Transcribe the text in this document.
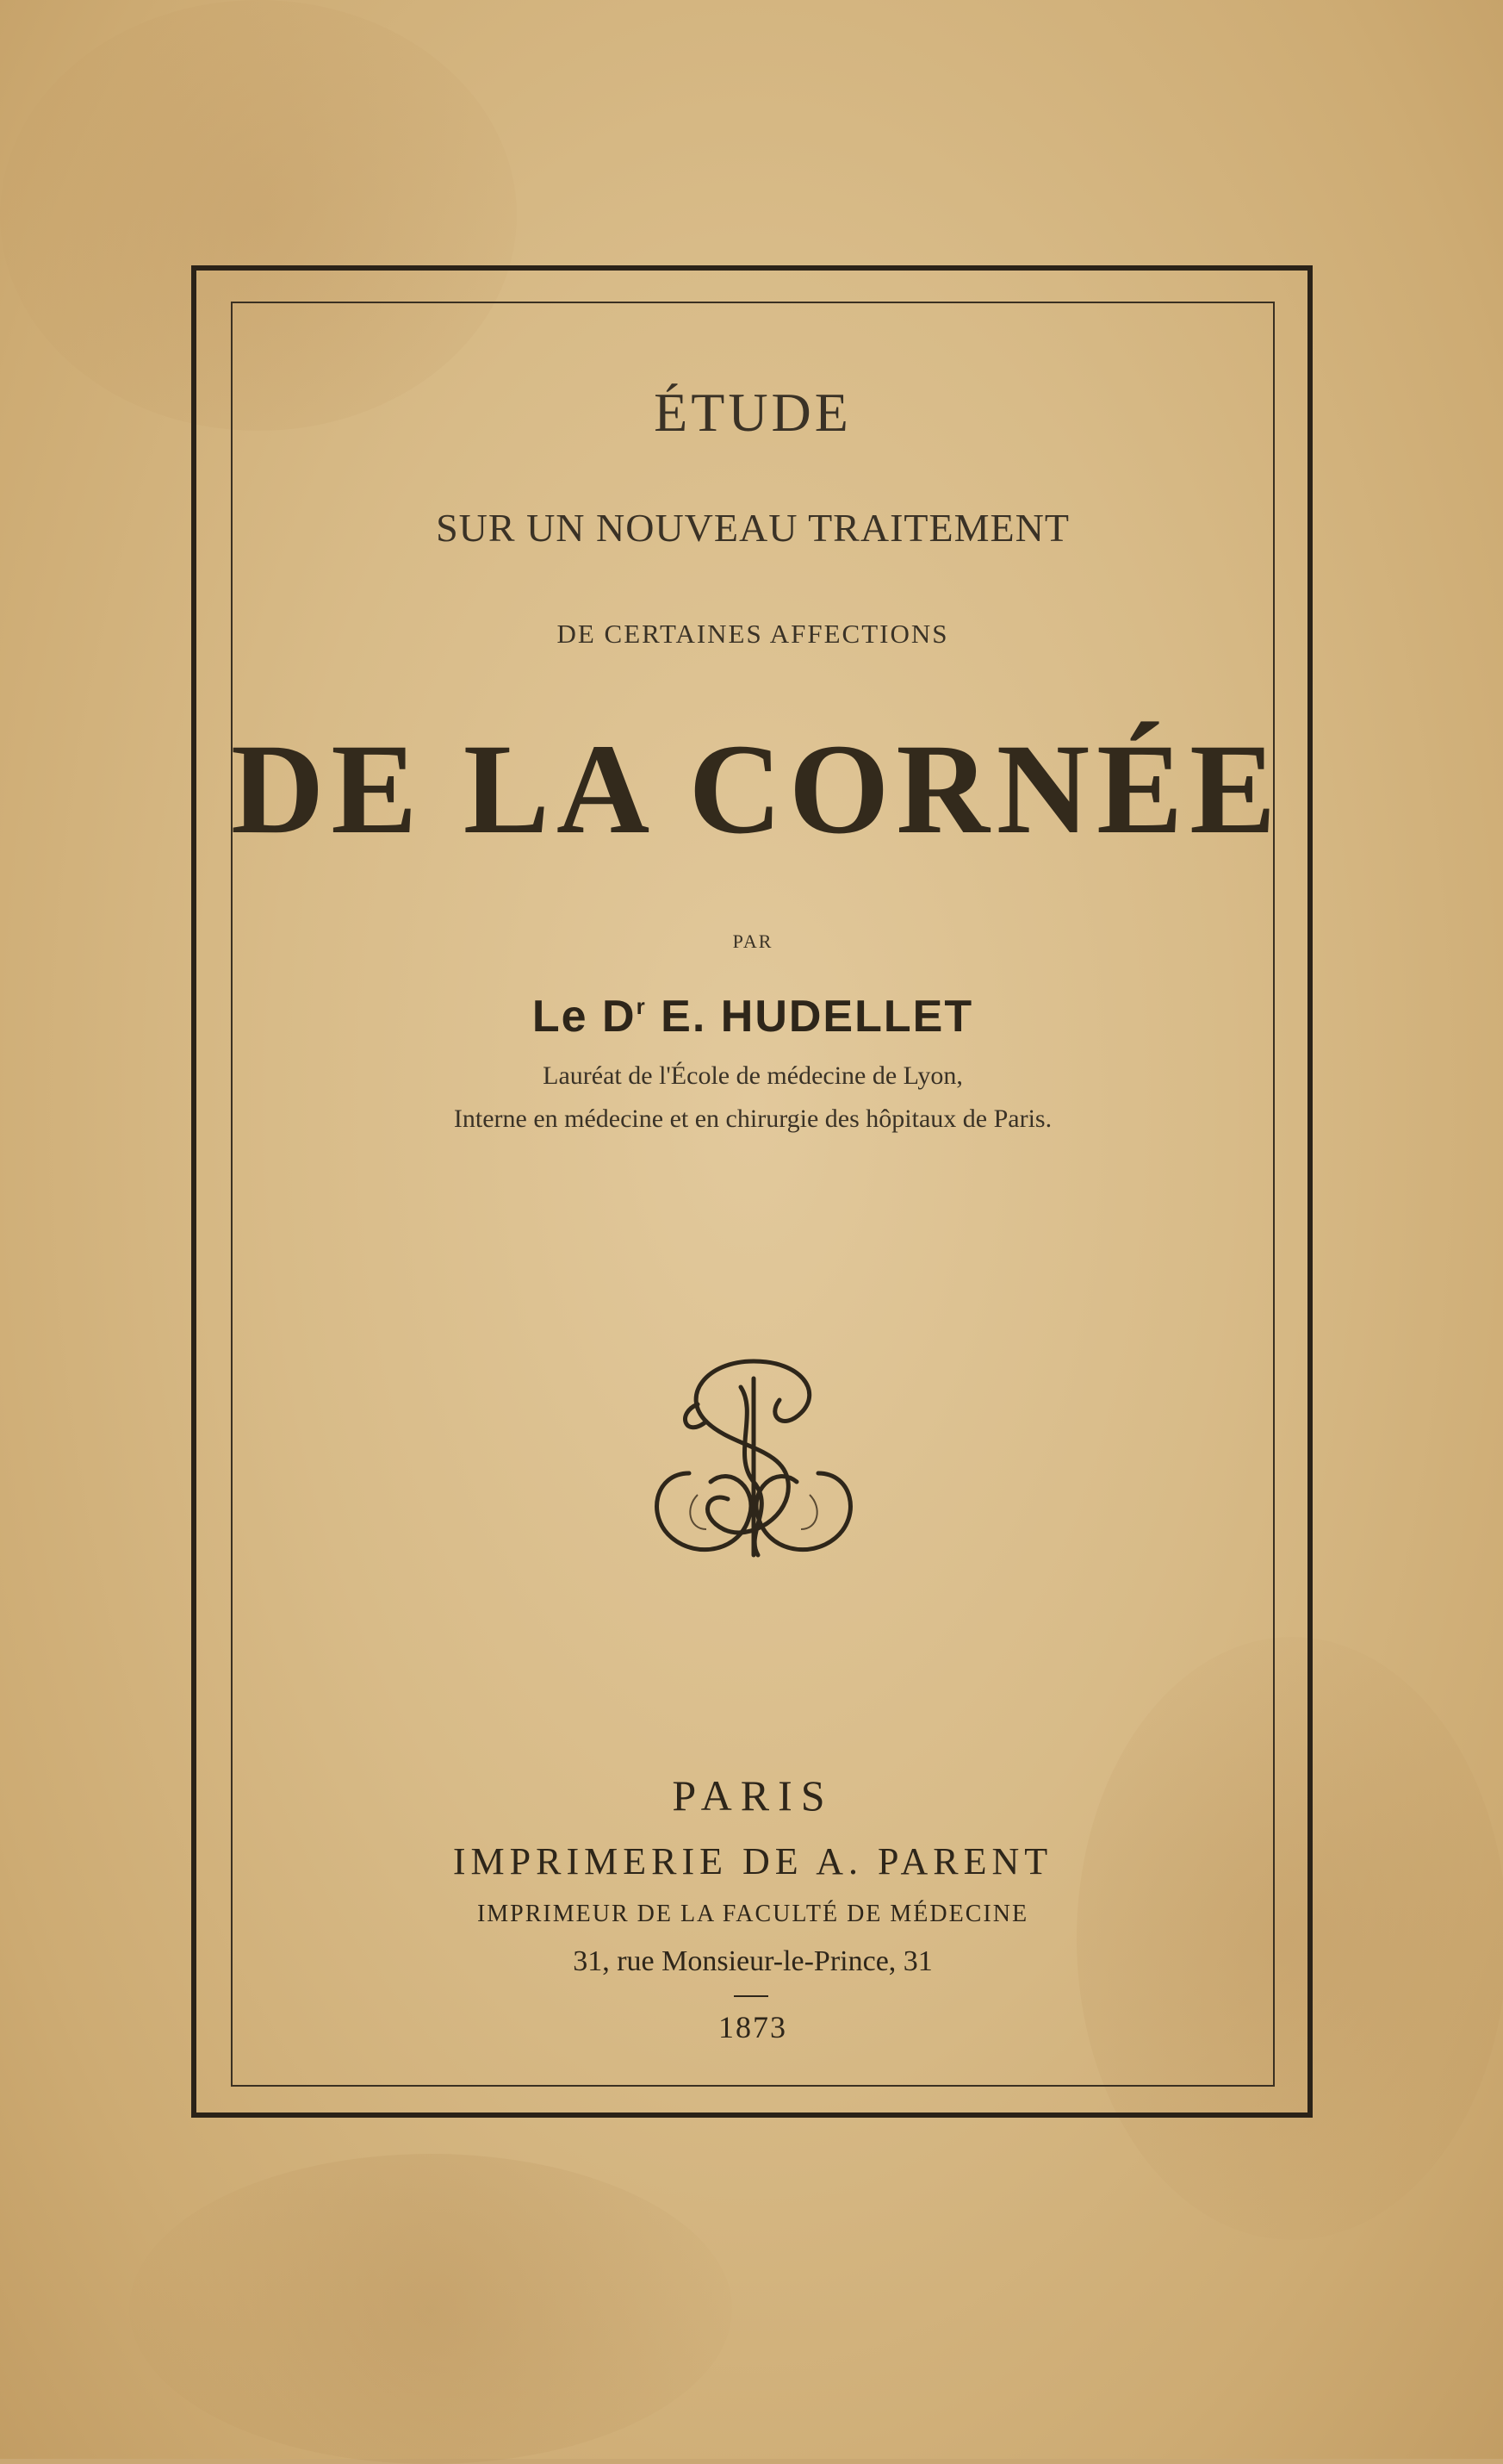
ÉTUDE
SUR UN NOUVEAU TRAITEMENT
DE CERTAINES AFFECTIONS
DE LA CORNÉE
PAR
Le $D^r$ E. HUDELLET
Lauréat de l'École de médecine de Lyon,
Interne en médecine et en chirurgie des hôpitaux de Paris.
PARIS
IMPRIMERIE DE A. PARENT
IMPRIMEUR DE LA FACULTÉ DE MÉDECINE
31, rue Monsieur-le-Prince, 31
1873
